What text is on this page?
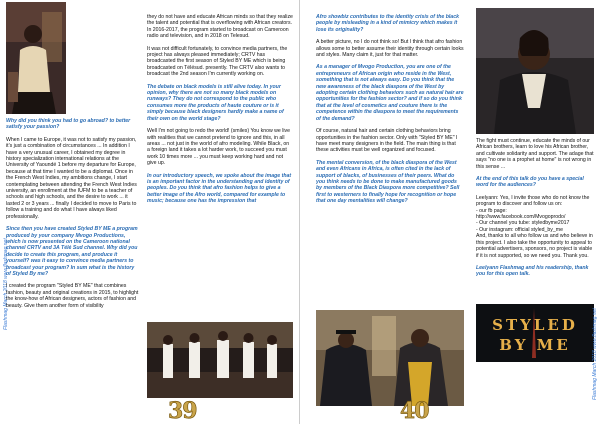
Flashmag March 2018 www.flashmag.net

Why did you think you had to go abroad? to better satisfy your passion?

When I came to Europe, it was not to satisfy my passion, it's just a combination of circumstances ... In addition I have a very unusual career, I obtained my degree in history specialization international relations at the University of Yaoundé 1 before my departure for Europe, because at that time I wanted to be a diplomat. Once in the French West Indies, my ambitions change, I start contemplating between attending the French West Indies university, an enrollment at the IUFM to be a teacher of schools and high schools, and the desire to work ... it lasted 2 or 3 years ... finally I decided to move to Paris to follow a training and do what I have always liked professionally.

Since then you have created Styled BY ME a program produced by your company Mvogo Productions, which is now presented on the Cameroon national channel CRTV and 3A Télé Sud channel. Why did you decide to create this program, and produce it yourself? was it easy to convince media partners to broadcast your program? In sum what is the history of Styled By me?

I created the program "Styled BY ME" that combines fashion, beauty and original creations in 2015, to highlight the know-how of African designers, actors of fashion and beauty. Give them another form of visibility

they do not have and educate African minds so that they realize the talent and potential that is overflowing with African creators. In 2016-2017, the program started to broadcast on Cameroon radio and television, and in 2018 on Telesud.

It was not difficult fortunately, to convince media partners, the project has always pleased immediately; CRTV has broadcasted the first season of Styled BY ME which is being broadcasted on Télésud. presently. The CRTV also wants to broadcast the 2nd season I'm currently working on.

The debate on black models is still alive today. In your opinion, why there are not so many black models on runways? They do not correspond to the public who consumes more the products of haute couture or is it simply because black designers hardly make a name of their own on the world stage?

Well I'm not going to redo the world! (smiles) You know we live with realities that we cannot pretend to ignore and this, in all areas ... not just in the world of afro modeling. While Black, on a foreign land it takes a lot harder work, to succeed you must work 10 times more ... you must keep working hard and not give up.

In our introductory speech, we spoke about the image that is an important factor in the understanding and identity of peoples. Do you think that afro fashion helps to give a better image of the Afro world, compared for example to music; because one has the impression that

39

Afro showbiz contributes to the identity crisis of the black people by misleading in a kind of mimicry which makes it lose its originality?

A better picture, no I do not think so! But I think that afro fashion allows some to better assume their identity through certain looks and styles. Many claim it, just for that matter.

As a manager of Mvogo Production, you are one of the entrepreneurs of African origin who reside in the West, something that is not always easy. Do you think that the new awareness of the black diaspora of the West by adopting certain clothing behaviors such as natural hair are opportunities for the fashion sector? and if so do you think that at the level of cosmetics and couture there is the competence within the diaspora to meet the requirements of the demand?

Of course, natural hair and certain clothing behaviors bring opportunities in the fashion sector. Only with "Styled BY ME" I have meet many designers in the field. The main thing is that these activities must be well organized and focused.

The mental conversion, of the black diaspora of the West and even Africans in Africa, is often cited in the lack of support of blacks, of businesses of their peers. What do you think needs to be done to make manufactured goods by members of the Black Diaspora more competitive? Sell first to westerners to finally hope for recognition or hope that one day mentalities will change?

The fight must continue, educate the minds of our African brothers, learn to love his African brother, and cultivate solidarity and support. The adage that says "no one is a prophet at home" is not wrong in this sense ...

At the end of this talk do you have a special word for the audiences?

Leelyann: Yes, I invite those who do not know the program to discover and follow us on:
- our fb page: http://www.facebook.com/Mvogoprodo/
- Our channel you tube: styledbyme2017
- Our instagram: official styled_by_me
And, thanks to all who follow us and who believe in this project. I also take the opportunity to appeal to potential advertisers, sponsors, no project is viable if it is not supported, so we need you. Thank you.

Leelyann Flashmag and his readership, thank you for this open talk.

STYLED
BY ME
40
Flashmag March 2018 www.flashmag.net
